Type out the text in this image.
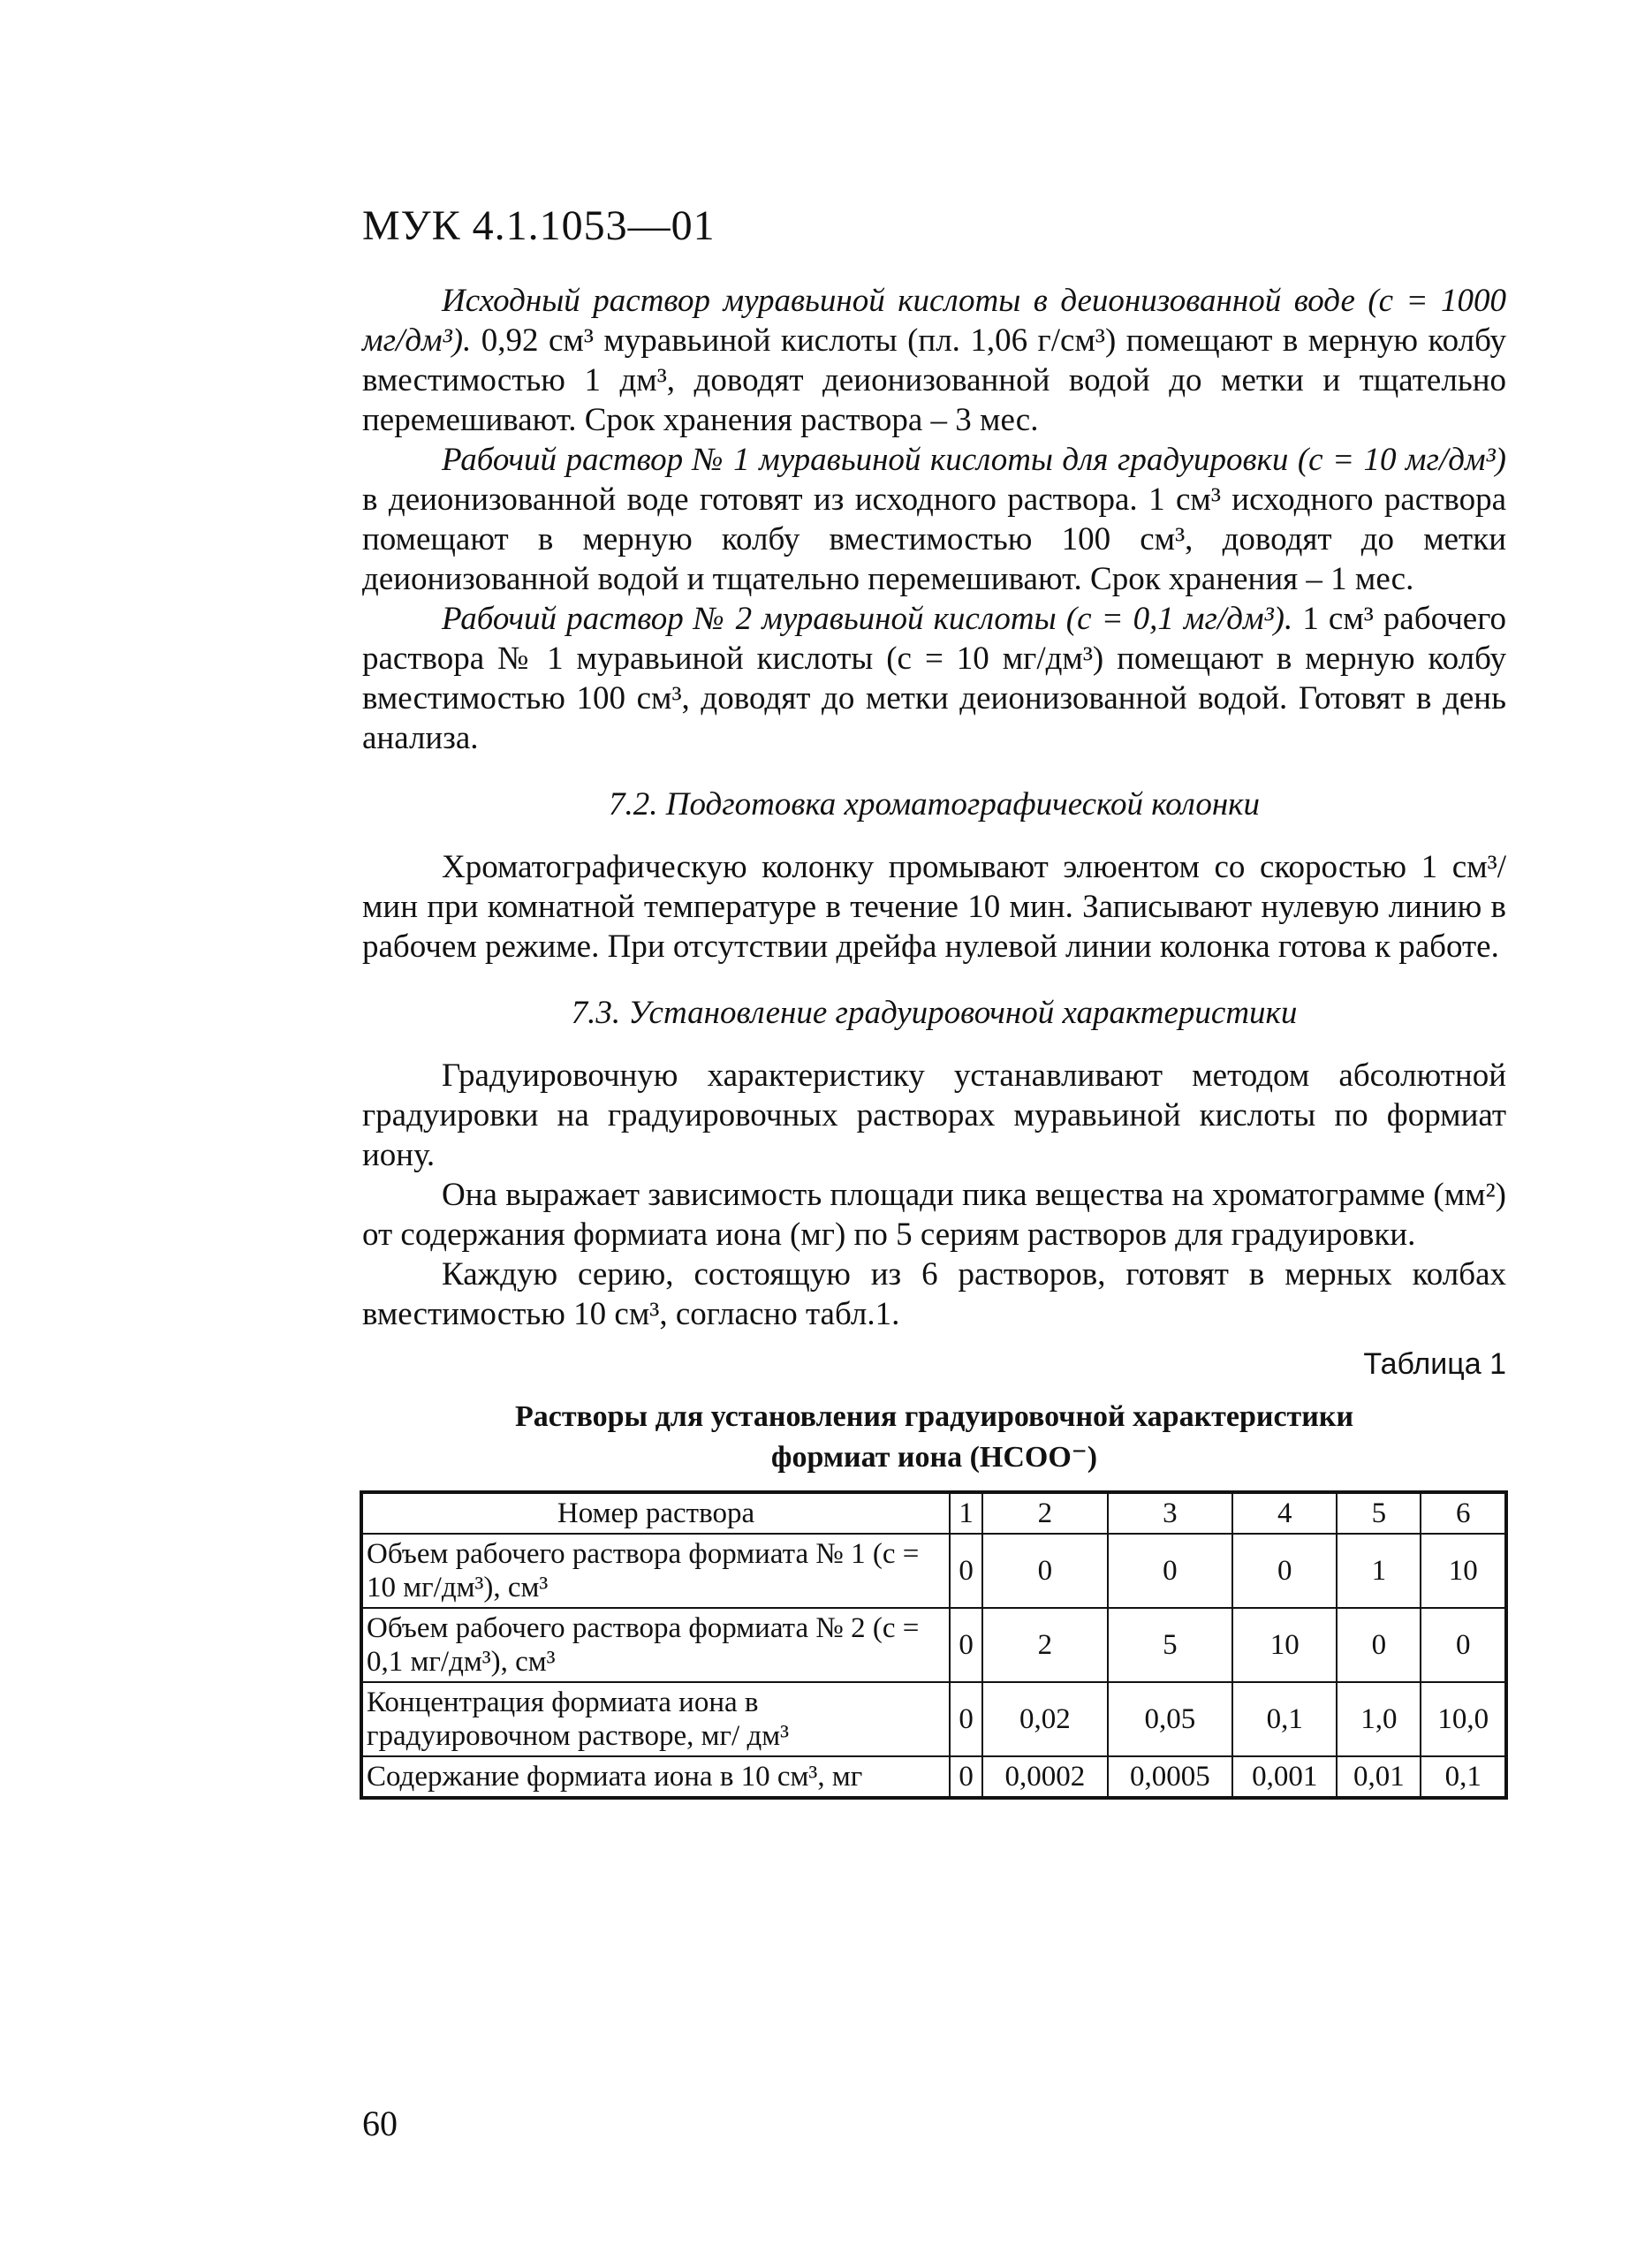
МУК 4.1.1053—01

Исходный раствор муравьиной кислоты в деионизованной воде (с = 1000 мг/дм³). 0,92 см³ муравьиной кислоты (пл. 1,06 г/см³) помещают в мерную колбу вместимостью 1 дм³, доводят деионизованной водой до метки и тщательно перемешивают. Срок хранения раствора – 3 мес.

Рабочий раствор № 1 муравьиной кислоты для градуировки (с = 10 мг/дм³) в деионизованной воде готовят из исходного раствора. 1 см³ исходного раствора помещают в мерную колбу вместимостью 100 см³, доводят до метки деионизованной водой и тщательно перемешивают. Срок хранения – 1 мес.

Рабочий раствор № 2 муравьиной кислоты (с = 0,1 мг/дм³). 1 см³ рабочего раствора № 1 муравьиной кислоты (с = 10 мг/дм³) помещают в мерную колбу вместимостью 100 см³, доводят до метки деионизованной водой. Готовят в день анализа.

7.2. Подготовка хроматографической колонки

Хроматографическую колонку промывают элюентом со скоростью 1 см³/мин при комнатной температуре в течение 10 мин. Записывают нулевую линию в рабочем режиме. При отсутствии дрейфа нулевой линии колонка готова к работе.

7.3. Установление градуировочной характеристики

Градуировочную характеристику устанавливают методом абсолютной градуировки на градуировочных растворах муравьиной кислоты по формиат иону.

Она выражает зависимость площади пика вещества на хроматограмме (мм²) от содержания формиата иона (мг) по 5 сериям растворов для градуировки.

Каждую серию, состоящую из 6 растворов, готовят в мерных колбах вместимостью 10 см³, согласно табл.1.

Таблица 1
Растворы для установления градуировочной характеристики
формиат иона (HCOO⁻)
Номер раствора	1	2	3	4	5	6
Объем рабочего раствора формиата № 1 (с = 10 мг/дм³), см³	0	0	0	0	1	10
Объем рабочего раствора формиата № 2 (с = 0,1 мг/дм³), см³	0	2	5	10	0	0
Концентрация формиата иона в градуировочном растворе, мг/ дм³	0	0,02	0,05	0,1	1,0	10,0
Содержание формиата иона в 10 см³, мг	0	0,0002	0,0005	0,001	0,01	0,1
60
